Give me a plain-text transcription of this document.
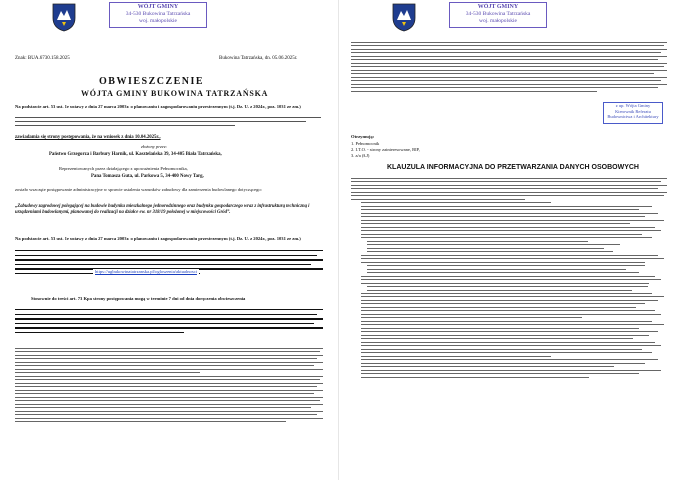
WÓJT GMINY
34-530 Bukowina Tatrzańska
woj. małopolskie
Znak: BUA.6730.158.2025	Bukowina Tatrzańska, dn. 05.06.2025r.
OBWIESZCZENIE
WÓJTA GMINY BUKOWINA TATRZAŃSKA
Na podstawie art. 53 ust. 1e ustawy z dnia 27 marca 2003r. o planowaniu i zagospodarowaniu przestrzennym (t.j. Dz. U. z 2024r., poz. 1031 ze zm.)
zawiadamia się strony postępowania, że na wniosek z dnia 10.04.2025r.,
złożony przez:
Państwo Grzegorza i Barbury Harnik, ul. Kasztelańska 39, 34-405 Biała Tatrzańska,
Reprezentowanych przez działającego z upoważnienia Pełnomocnika,
Pana Tomasza Guta, ul. Parkowa 5, 34-400 Nowy Targ,
zostało wszczęte postępowanie administracyjne w sprawie ustalenia warunków zabudowy dla zamierzenia budowlanego dotyczącego:
„Zabudowy zagrodowej polegającej na budowie budynku mieszkalnego jednorodzinnego oraz budynku gospodarczego wraz z infrastrukturą techniczną i urządzeniami budowlanymi, planowanej do realizacji na działce ew. nr 318/19 położonej w miejscowości Gród”.
Na podstawie art. 53 ust. 1e ustawy z dnia 27 marca 2003r. o planowaniu i zagospodarowaniu przestrzennym (t.j. Dz. U. z 2024r., poz. 1031 ze zm.)
https://ugbukowinatatrzanska.pl/ogloszenia/aktualnosci
Stosownie do treści art. 73 Kpa strony postępowania mogą w terminie 7 dni od dnia doręczenia obwieszczenia
WÓJT GMINY
34-530 Bukowina Tatrzańska
woj. małopolskie
z up. Wójta Gminy
Kierownik Referatu
Budownictwa i Architektury
Otrzymują:
1. Pełnomocnik
2. I.T.O. - strony zainteresowane, BIP,
3. a/a (ŁJ)
KLAUZULA INFORMACYJNA DO PRZETWARZANIA DANYCH OSOBOWYCH
